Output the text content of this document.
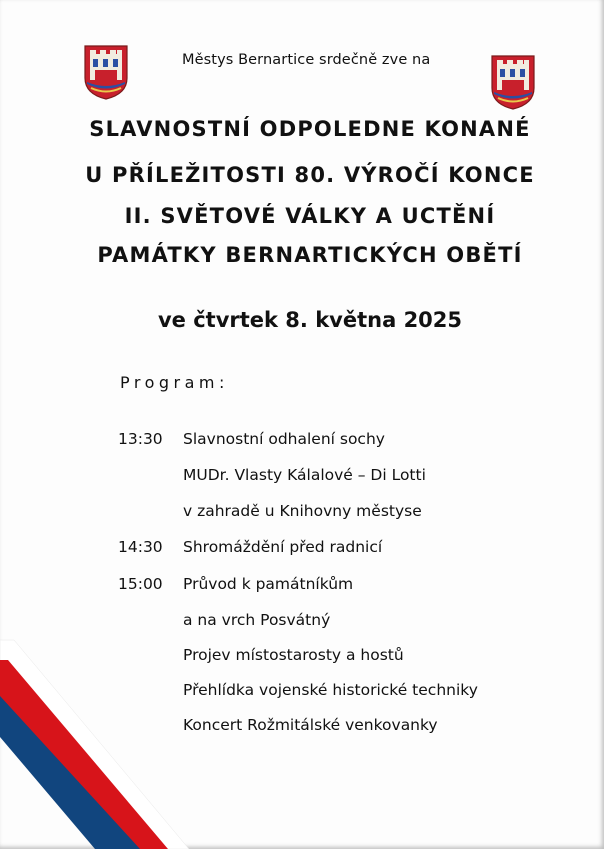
Městys Bernartice srdečně zve na
SLAVNOSTNÍ ODPOLEDNE KONANÉ
U PŘÍLEŽITOSTI 80. VÝROČÍ KONCE
II. SVĚTOVÉ VÁLKY A UCTĚNÍ
PAMÁTKY BERNARTICKÝCH OBĚTÍ
ve čtvrtek 8. května 2025
Program:
13:30 Slavnostní odhalení sochy
MUDr. Vlasty Kálalové – Di Lotti
v zahradě u Knihovny městyse
14:30 Shromáždění před radnicí
15:00 Průvod k památníkům
a na vrch Posvátný
Projev místostarosty a hostů
Přehlídka vojenské historické techniky
Koncert Rožmitálské venkovanky
